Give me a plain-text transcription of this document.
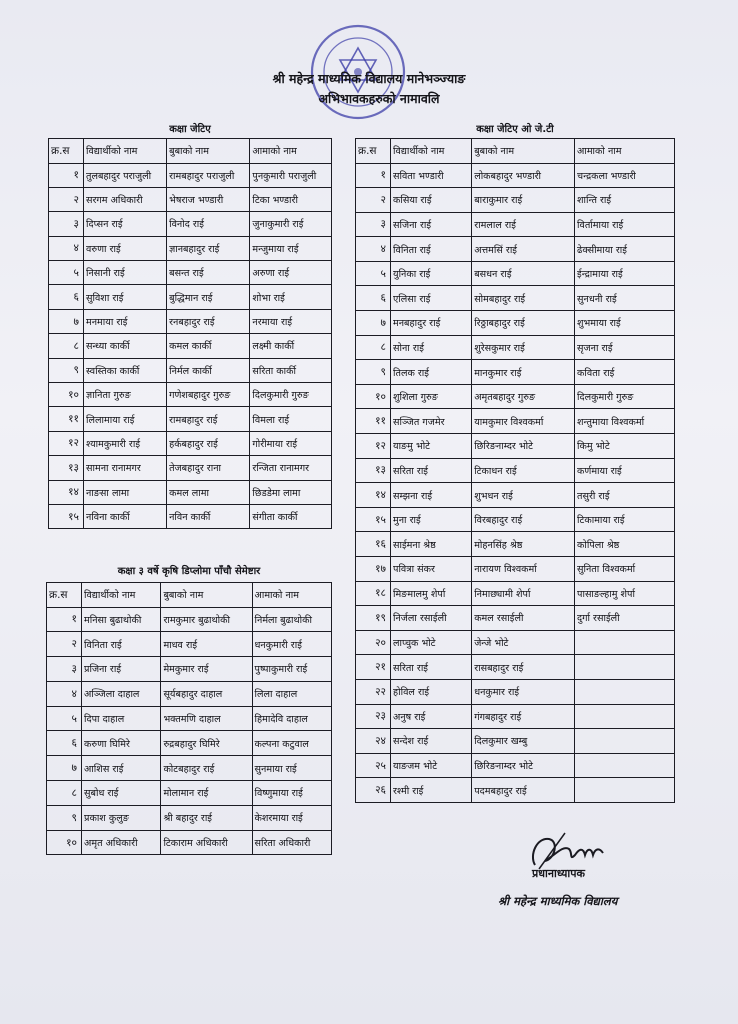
श्री महेन्द्र माध्यमिक विद्यालय मानेभञ्ज्याङ
अभिभावकहरुको नामावलि
कक्षा जेटिए
क्र.स	विद्यार्थीको नाम	बुबाको नाम	आमाको नाम
१	तुलबहादुर पराजुली	रामबहादुर पराजुली	पुनकुमारी पराजुली
२	सरगम अधिकारी	भेषराज भण्डारी	टिका भण्डारी
३	दिप्सन राई	विनोद राई	जुनाकुमारी राई
४	वरुणा राई	ज्ञानबहादुर राई	मन्जुमाया राई
५	निसानी राई	बसन्त राई	अरुणा राई
६	सुविशा राई	बुद्धिमान राई	शोभा राई
७	मनमाया राई	रनबहादुर राई	नरमाया राई
८	सन्ध्या कार्की	कमल कार्की	लक्ष्मी कार्की
९	स्वस्तिका कार्की	निर्मल कार्की	सरिता कार्की
१०	ज्ञानिता गुरुङ	गणेशबहादुर गुरुङ	दिलकुमारी गुरुङ
११	लिलामाया राई	रामबहादुर राई	विमला राई
१२	श्यामकुमारी राई	हर्कबहादुर राई	गोरीमाया राई
१३	सामना रानामगर	तेजबहादुर राना	रन्जिता रानामगर
१४	नाङसा लामा	कमल लामा	छिडडेमा लामा
१५	नविना कार्की	नविन कार्की	संगीता कार्की
कक्षा जेटिए ओ जे.टी
क्र.स	विद्यार्थीको नाम	बुबाको नाम	आमाको नाम
१	सविता भण्डारी	लोकबहादुर भण्डारी	चन्द्रकला भण्डारी
२	कसिया राई	बाराकुमार राई	शान्ति राई
३	सजिना राई	रामलाल राई	विर्तामाया राई
४	विनिता राई	अत्तमसिं राई	ढेक्सीमाया राई
५	युनिका राई	बसधन राई	ईन्द्रामाया राई
६	एलिसा राई	सोमबहादुर राई	सुनधनी राई
७	मनबहादुर राई	रिठ्ठाबहादुर राई	शुभमाया राई
८	सोना राई	शुरेसकुमार राई	सृजना राई
९	तिलक राई	मानकुमार राई	कविता राई
१०	शुशिला गुरुङ	अमृतबहादुर गुरुङ	दिलकुमारी गुरुङ
११	सञ्जित गजमेर	यामकुमार विश्वकर्मा	शन्तुमाया विश्वकर्मा
१२	याङमु भोटे	छिरिङनाम्दर भोटे	किमु भोटे
१३	सरिता राई	टिकाधन राई	कर्णमाया राई
१४	सम्झना राई	शुभधन राई	तसुरी राई
१५	मुना राई	विरबहादुर राई	टिकामाया राई
१६	साईमना श्रेष्ठ	मोहनसिंह श्रेष्ठ	कोपिला श्रेष्ठ
१७	पवित्रा संकर	नारायण विश्वकर्मा	सुनिता विश्वकर्मा
१८	मिङमालमु शेर्पा	निमाछ्यामी शेर्पा	पासाङल्हामु शेर्पा
१९	निर्जला रसाईली	कमल रसाईली	दुर्गा रसाईली
२०	लाप्चुक भोटे	जेन्जे भोटे	
२१	सरिता राई	रासबहादुर राई	
२२	होविल राई	धनकुमार राई	
२३	अनुष राई	गंगबहादुर राई	
२४	सन्देश राई	दिलकुमार खम्बु	
२५	याङजम भोटे	छिरिङनाम्दर भोटे	
२६	रश्मी राई	पदमबहादुर राई	
कक्षा ३ वर्षे कृषि डिप्लोमा पाँचौ सेमेष्टार
क्र.स	विद्यार्थीको नाम	बुबाको नाम	आमाको नाम
१	मनिसा बुढाथोकी	रामकुमार बुढाथोकी	निर्मला बुढाथोकी
२	विनिता राई	माधव राई	धनकुमारी राई
३	प्रजिना राई	मेमकुमार राई	पुष्पाकुमारी राई
४	अञ्जिला दाहाल	सूर्यबहादुर दाहाल	लिला दाहाल
५	दिपा दाहाल	भक्तमणि दाहाल	हिमादेवि दाहाल
६	करुणा घिमिरे	रुद्रबहादुर घिमिरे	कल्पना कटुवाल
७	आशिस राई	कोटबहादुर राई	सुनमाया राई
८	सुबोध राई	मोलामान राई	विष्णुमाया राई
९	प्रकाश कुलुङ	श्री बहादुर राई	केशरमाया राई
१०	अमृत अधिकारी	टिकाराम अधिकारी	सरिता अधिकारी
प्रधानाध्यापक
श्री महेन्द्र माध्यमिक विद्यालय
